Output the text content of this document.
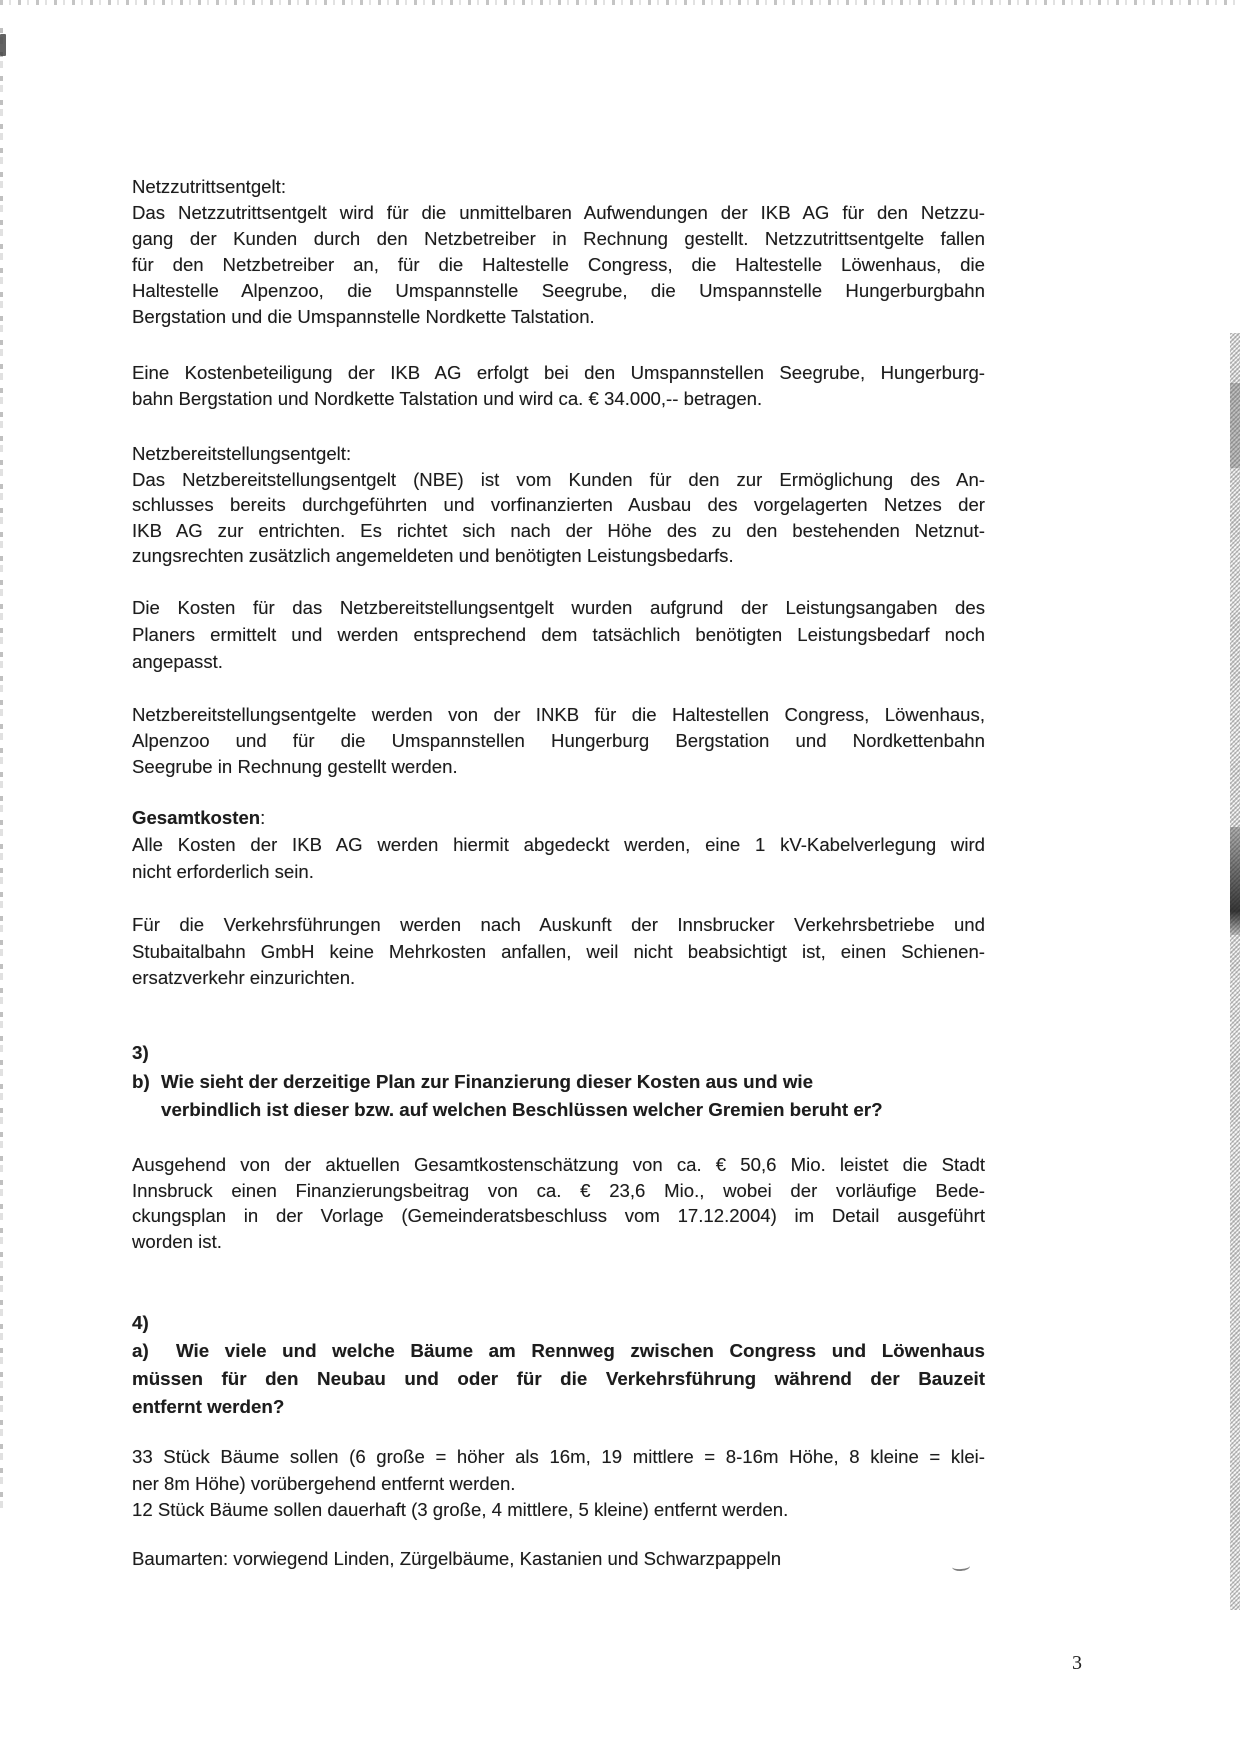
Netzzutrittsentgelt:
Das Netzzutrittsentgelt wird für die unmittelbaren Aufwendungen der IKB AG für den Netzzu-
gang der Kunden durch den Netzbetreiber in Rechnung gestellt. Netzzutrittsentgelte fallen
für den Netzbetreiber an, für die Haltestelle Congress, die Haltestelle Löwenhaus, die
Haltestelle Alpenzoo, die Umspannstelle Seegrube, die Umspannstelle Hungerburgbahn
Bergstation und die Umspannstelle Nordkette Talstation.
Eine Kostenbeteiligung der IKB AG erfolgt bei den Umspannstellen Seegrube, Hungerburg-
bahn Bergstation und Nordkette Talstation und wird ca. € 34.000,-- betragen.
Netzbereitstellungsentgelt:
Das Netzbereitstellungsentgelt (NBE) ist vom Kunden für den zur Ermöglichung des An-
schlusses bereits durchgeführten und vorfinanzierten Ausbau des vorgelagerten Netzes der
IKB AG zur entrichten. Es richtet sich nach der Höhe des zu den bestehenden Netznut-
zungsrechten zusätzlich angemeldeten und benötigten Leistungsbedarfs.
Die Kosten für das Netzbereitstellungsentgelt wurden aufgrund der Leistungsangaben des
Planers ermittelt und werden entsprechend dem tatsächlich benötigten Leistungsbedarf noch
angepasst.
Netzbereitstellungsentgelte werden von der INKB für die Haltestellen Congress, Löwenhaus,
Alpenzoo und für die Umspannstellen Hungerburg Bergstation und Nordkettenbahn
Seegrube in Rechnung gestellt werden.
Gesamtkosten:
Alle Kosten der IKB AG werden hiermit abgedeckt werden, eine 1 kV-Kabelverlegung wird
nicht erforderlich sein.
Für die Verkehrsführungen werden nach Auskunft der Innsbrucker Verkehrsbetriebe und
Stubaitalbahn GmbH keine Mehrkosten anfallen, weil nicht beabsichtigt ist, einen Schienen-
ersatzverkehr einzurichten.
3)
b) Wie sieht der derzeitige Plan zur Finanzierung dieser Kosten aus und wie
verbindlich ist dieser bzw. auf welchen Beschlüssen welcher Gremien beruht er?
Ausgehend von der aktuellen Gesamtkostenschätzung von ca. € 50,6 Mio. leistet die Stadt
Innsbruck einen Finanzierungsbeitrag von ca. € 23,6 Mio., wobei der vorläufige Bede-
ckungsplan in der Vorlage (Gemeinderatsbeschluss vom 17.12.2004) im Detail ausgeführt
worden ist.
4)
a)	Wie viele und welche Bäume am Rennweg zwischen Congress und Löwenhaus
müssen für den Neubau und oder für die Verkehrsführung während der Bauzeit
entfernt werden?
33 Stück Bäume sollen (6 große = höher als 16m, 19 mittlere = 8-16m Höhe, 8 kleine = klei-
ner 8m Höhe) vorübergehend entfernt werden.
12 Stück Bäume sollen dauerhaft (3 große, 4 mittlere, 5 kleine) entfernt werden.
Baumarten: vorwiegend Linden, Zürgelbäume, Kastanien und Schwarzpappeln
3
